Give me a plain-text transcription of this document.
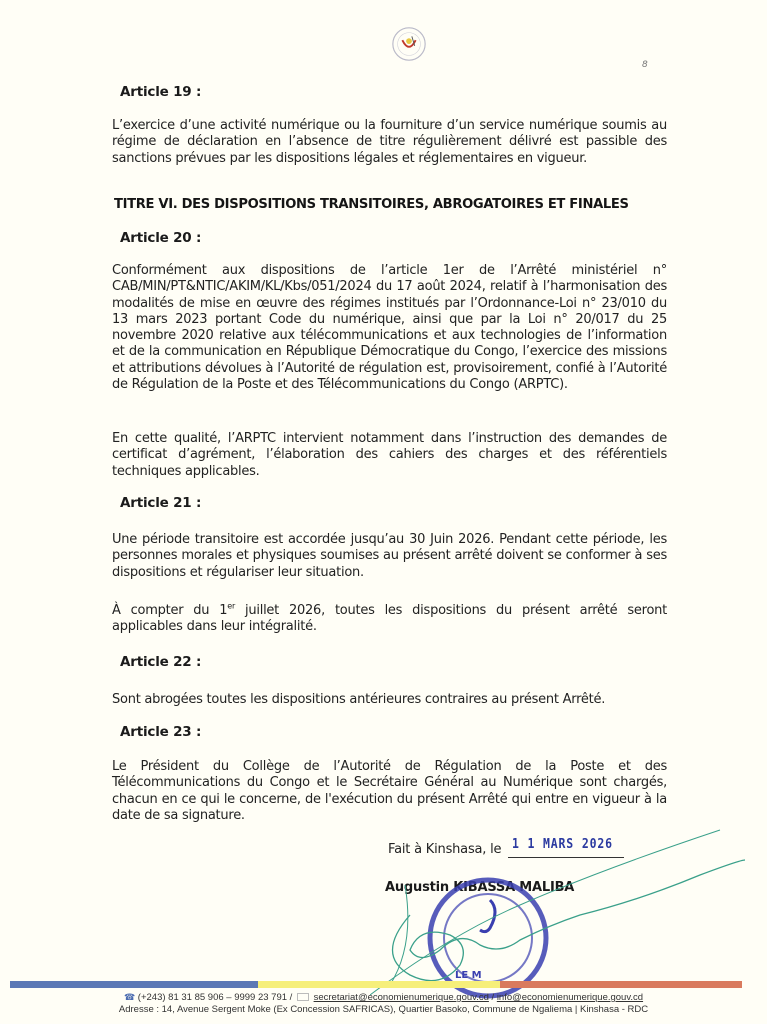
8
Article 19 :

L’exercice d’une activité numérique ou la fourniture d’un service numérique soumis au régime de déclaration en l’absence de titre régulièrement délivré est passible des sanctions prévues par les dispositions légales et réglementaires en vigueur.

TITRE VI. DES DISPOSITIONS TRANSITOIRES, ABROGATOIRES ET FINALES
Article 20 :

Conformément aux dispositions de l’article 1er de l’Arrêté ministériel n° CAB/MIN/PT&NTIC/AKIM/KL/Kbs/051/2024 du 17 août 2024, relatif à l’harmonisation des modalités de mise en œuvre des régimes institués par l’Ordonnance-Loi n° 23/010 du 13 mars 2023 portant Code du numérique, ainsi que par la Loi n° 20/017 du 25 novembre 2020 relative aux télécommunications et aux technologies de l’information et de la communication en République Démocratique du Congo, l’exercice des missions et attributions dévolues à l’Autorité de régulation est, provisoirement, confié à l’Autorité de Régulation de la Poste et des Télécommunications du Congo (ARPTC).

En cette qualité, l’ARPTC intervient notamment dans l’instruction des demandes de certificat d’agrément, l’élaboration des cahiers des charges et des référentiels techniques applicables.

Article 21 :

Une période transitoire est accordée jusqu’au 30 Juin 2026. Pendant cette période, les personnes morales et physiques soumises au présent arrêté doivent se conformer à ses dispositions et régulariser leur situation.

À compter du 1er juillet 2026, toutes les dispositions du présent arrêté seront applicables dans leur intégralité.

Article 22 :

Sont abrogées toutes les dispositions antérieures contraires au présent Arrêté.

Article 23 :

Le Président du Collège de l’Autorité de Régulation de la Poste et des Télécommunications du Congo et le Secrétaire Général au Numérique sont chargés, chacun en ce qui le concerne, de l'exécution du présent Arrêté qui entre en vigueur à la date de sa signature.

Fait à Kinshasa, le 1 1 MARS 2026
Augustin KIBASSA MALIBA
LE M
☎ (+243) 81 31 85 906 – 9999 23 791 / secretariat@economienumerique.gouv.cd / info@economienumerique.gouv.cd
Adresse : 14, Avenue Sergent Moke (Ex Concession SAFRICAS), Quartier Basoko, Commune de Ngaliema | Kinshasa - RDC
